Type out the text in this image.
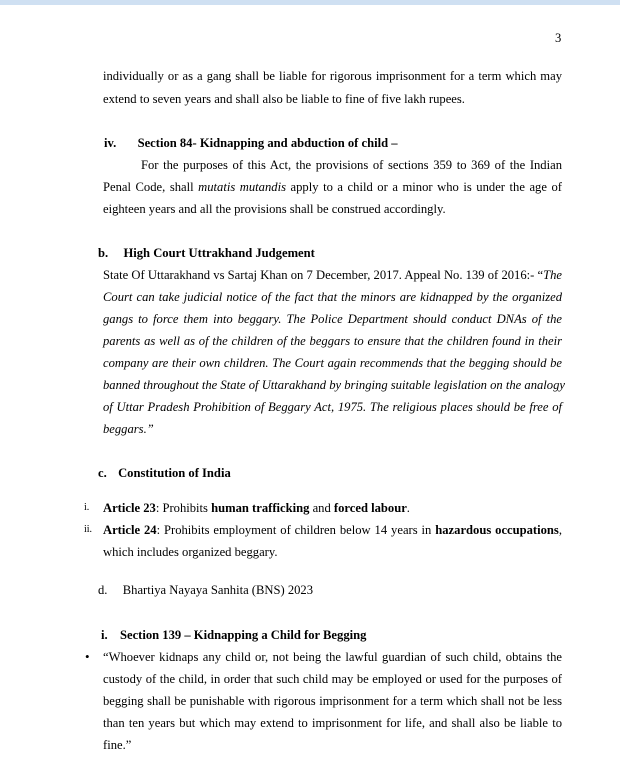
3
individually or as a gang shall be liable for rigorous imprisonment for a term which may
extend to seven years and shall also be liable to fine of five lakh rupees.
iv. Section 84- Kidnapping and abduction of child –
For the purposes of this Act, the provisions of sections 359 to 369 of the Indian
Penal Code, shall mutatis mutandis apply to a child or a minor who is under the age of
eighteen years and all the provisions shall be construed accordingly.
b. High Court Uttrakhand Judgement
State Of Uttarakhand vs Sartaj Khan on 7 December, 2017. Appeal No. 139 of 2016:- “The
Court can take judicial notice of the fact that the minors are kidnapped by the organized
gangs to force them into beggary. The Police Department should conduct DNAs of the
parents as well as of the children of the beggars to ensure that the children found in their
company are their own children. The Court again recommends that the begging should be
banned throughout the State of Uttarakhand by bringing suitable legislation on the analogy
of Uttar Pradesh Prohibition of Beggary Act, 1975. The religious places should be free of
beggars.”
c. Constitution of India
i. Article 23: Prohibits human trafficking and forced labour.
ii. Article 24: Prohibits employment of children below 14 years in hazardous occupations,
which includes organized beggary.
d. Bhartiya Nayaya Sanhita (BNS) 2023
i. Section 139 – Kidnapping a Child for Begging
• “Whoever kidnaps any child or, not being the lawful guardian of such child, obtains the
custody of the child, in order that such child may be employed or used for the purposes of
begging shall be punishable with rigorous imprisonment for a term which shall not be less
than ten years but which may extend to imprisonment for life, and shall also be liable to
fine.”
